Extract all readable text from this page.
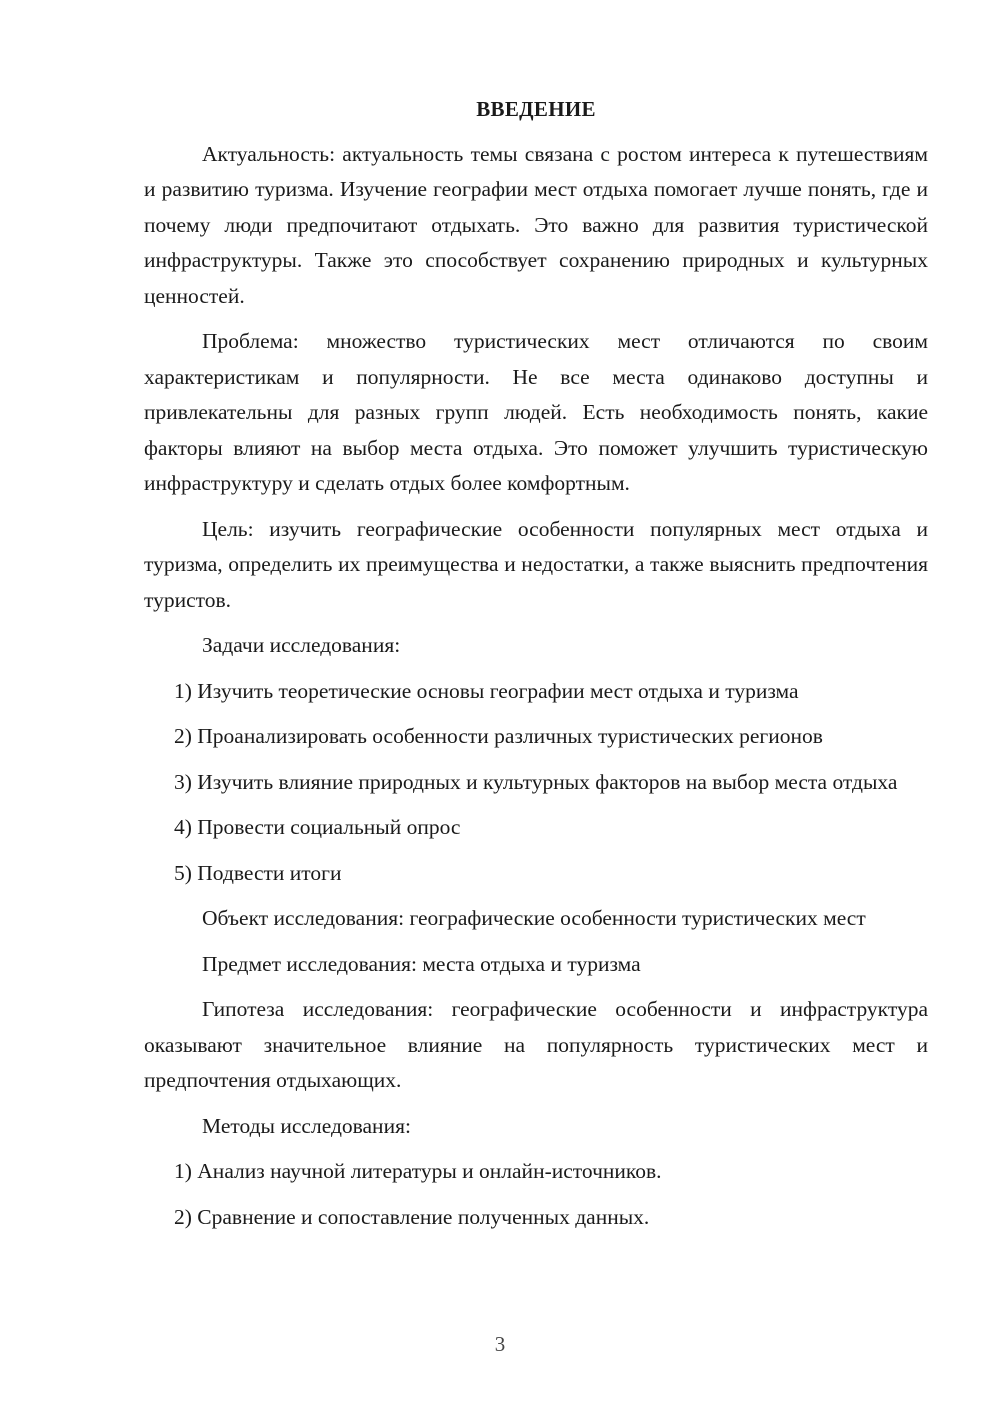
ВВЕДЕНИЕ

Актуальность: актуальность темы связана с ростом интереса к путешествиям и развитию туризма. Изучение географии мест отдыха помогает лучше понять, где и почему люди предпочитают отдыхать. Это важно для развития туристической инфраструктуры. Также это способствует сохранению природных и культурных ценностей.

Проблема: множество туристических мест отличаются по своим характеристикам и популярности. Не все места одинаково доступны и привлекательны для разных групп людей. Есть необходимость понять, какие факторы влияют на выбор места отдыха. Это поможет улучшить туристическую инфраструктуру и сделать отдых более комфортным.

Цель: изучить географические особенности популярных мест отдыха и туризма, определить их преимущества и недостатки, а также выяснить предпочтения туристов.

Задачи исследования:

1) Изучить теоретические основы географии мест отдыха и туризма

2) Проанализировать особенности различных туристических регионов

3) Изучить влияние природных и культурных факторов на выбор места отдыха

4) Провести социальный опрос

5) Подвести итоги

Объект исследования: географические особенности туристических мест

Предмет исследования: места отдыха и туризма

Гипотеза исследования: географические особенности и инфраструктура оказывают значительное влияние на популярность туристических мест и предпочтения отдыхающих.

Методы исследования:

1) Анализ научной литературы и онлайн-источников.

2) Сравнение и сопоставление полученных данных.

3
